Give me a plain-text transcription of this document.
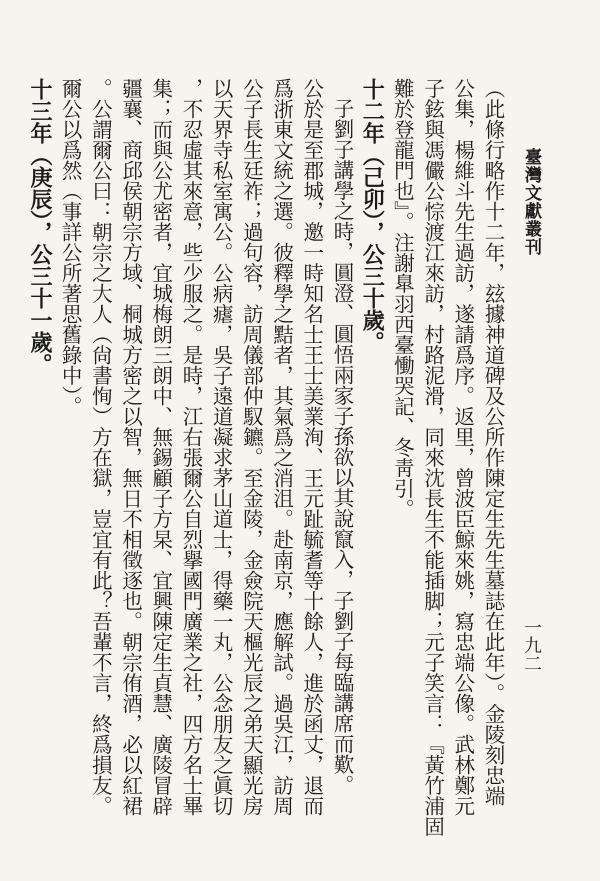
臺灣文獻叢刊
一九二
（此條行略作十二年，玆據神道碑及公所作陳定生先生墓誌在此年）。金陵刻忠端
公集，楊維斗先生過訪，遂請爲序。返里，曾波臣鯨來姚，寫忠端公像。武林鄭元
子鉉與馮儼公悰渡江來訪，村路泥滑，同來沈長生不能插脚；元子笑言：『黃竹浦固
難於登龍門也』。注謝臯羽西臺慟哭記、冬靑引。
十二年（己卯），公三十歲。
子劉子講學之時，圓澄、圓悟兩家子孫欲以其說竄入，子劉子每臨講席而歎。
公於是至郡城，邀一時知名士王士美業洵、王元趾毓耆等十餘人，進於函丈，退而
爲浙東文統之選。彼釋學之黠者，其氣爲之消沮。赴南京，應解試。過吳江，訪周
公子長生廷祚；過句容，訪周儀部仲馭鑣。至金陵，金僉院天樞光辰之弟天顯光房
以天界寺私室寓公。公病瘧，吳子遠道凝求茅山道士，得藥一丸，公念朋友之眞切
，不忍虛其來意，些少服之。是時，江右張爾公自烈擧國門廣業之社，四方名士畢
集；而與公尤密者，宜城梅朗三朗中、無錫顧子方杲、宜興陳定生貞慧、廣陵冒辟
疆襄、商邱侯朝宗方域、桐城方密之以智，無日不相徵逐也。朝宗侑酒，必以紅裙
。公謂爾公曰：朝宗之大人（尙書恂）方在獄，豈宜有此？吾輩不言，終爲損友。
爾公以爲然（事詳公所著思舊錄中）。
十三年（庚辰），公三十一歲。
